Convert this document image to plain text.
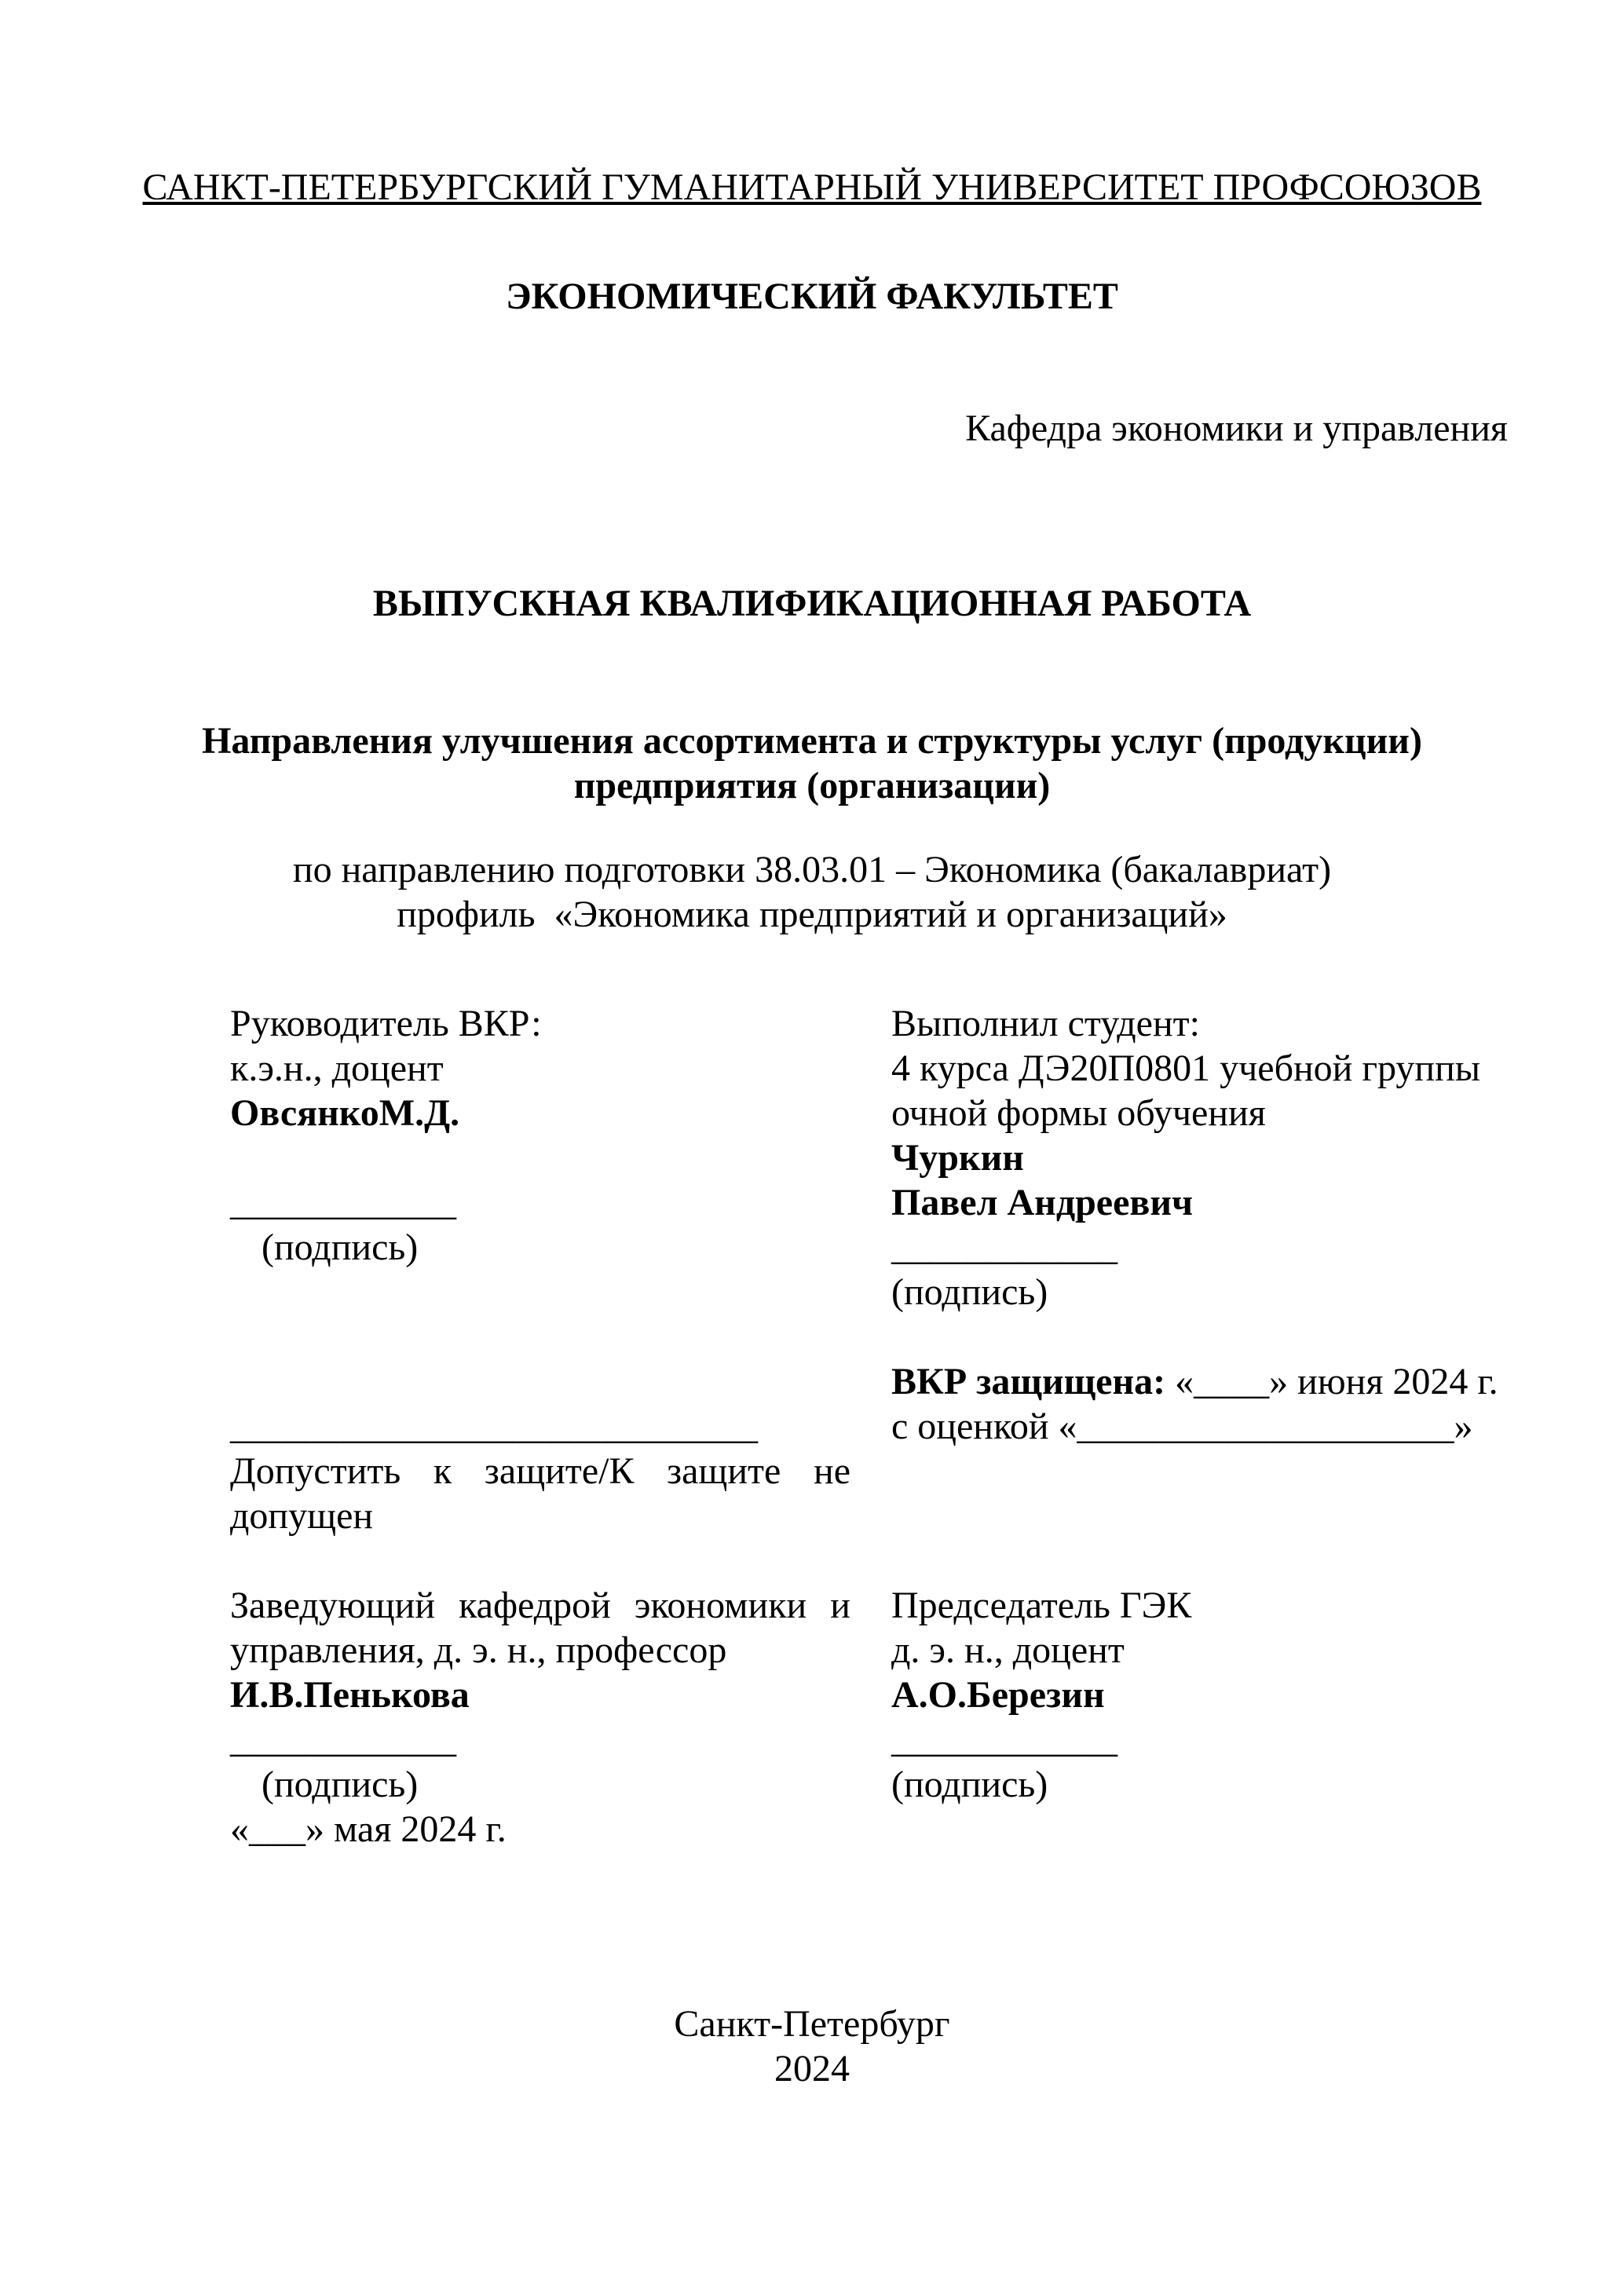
САНКТ-ПЕТЕРБУРГСКИЙ ГУМАНИТАРНЫЙ УНИВЕРСИТЕТ ПРОФСОЮЗОВ
ЭКОНОМИЧЕСКИЙ ФАКУЛЬТЕТ
Кафедра экономики и управления
ВЫПУСКНАЯ КВАЛИФИКАЦИОННАЯ РАБОТА
Направления улучшения ассортимента и структуры услуг (продукции)
предприятия (организации)
по направлению подготовки 38.03.01 – Экономика (бакалавриат)
профиль  «Экономика предприятий и организаций»
Руководитель ВКР:
к.э.н., доцент
ОвсянкоМ.Д.
____________
(подпись)
____________________________
Допустить к защите/К защите не допущен
Заведующий кафедрой экономики и управления, д. э. н., профессор
И.В.Пенькова
____________
(подпись)
«___» мая 2024 г.
Выполнил студент:
4 курса ДЭ20П0801 учебной группы
очной формы обучения
Чуркин
Павел Андреевич
____________
(подпись)
ВКР защищена: «____» июня 2024 г.
с оценкой «____________________»
Председатель ГЭК
д. э. н., доцент
А.О.Березин
____________
(подпись)
Санкт-Петербург
2024
